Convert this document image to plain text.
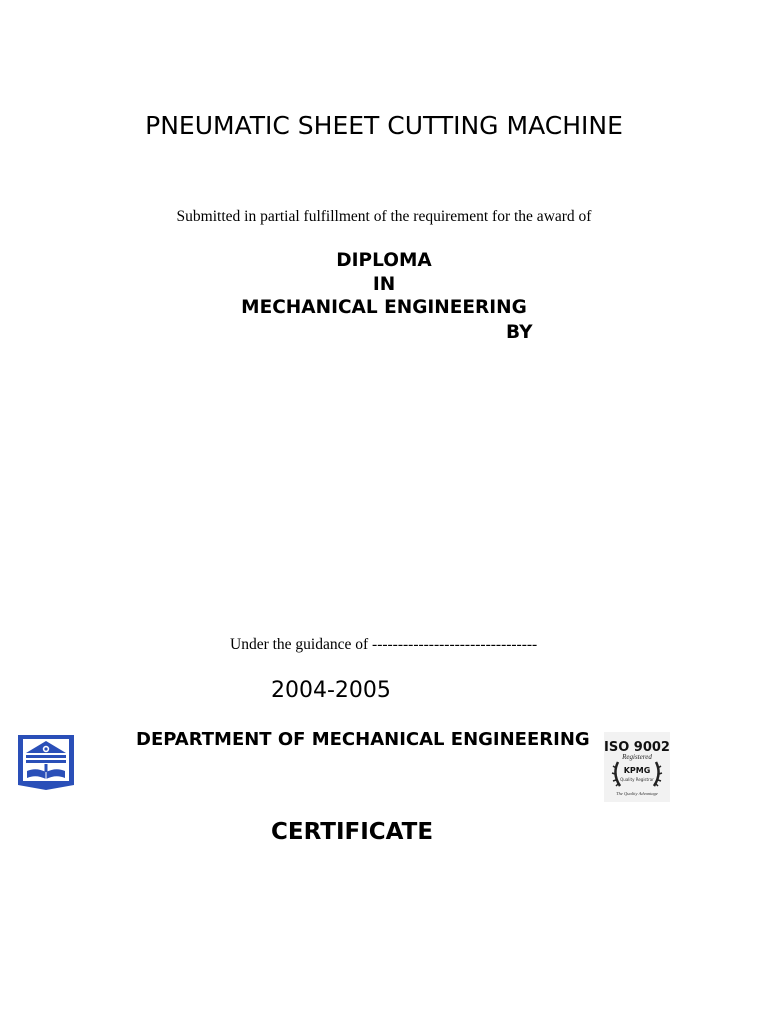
PNEUMATIC SHEET CUTTING MACHINE
Submitted in partial fulfillment of the requirement for the award of
DIPLOMA
IN
MECHANICAL ENGINEERING
BY
Under the guidance of --------------------------------
2004-2005
DEPARTMENT OF MECHANICAL ENGINEERING ISO 9002
Registered
KPMG
Quality Registrar
The Quality Advantage
CERTIFICATE
